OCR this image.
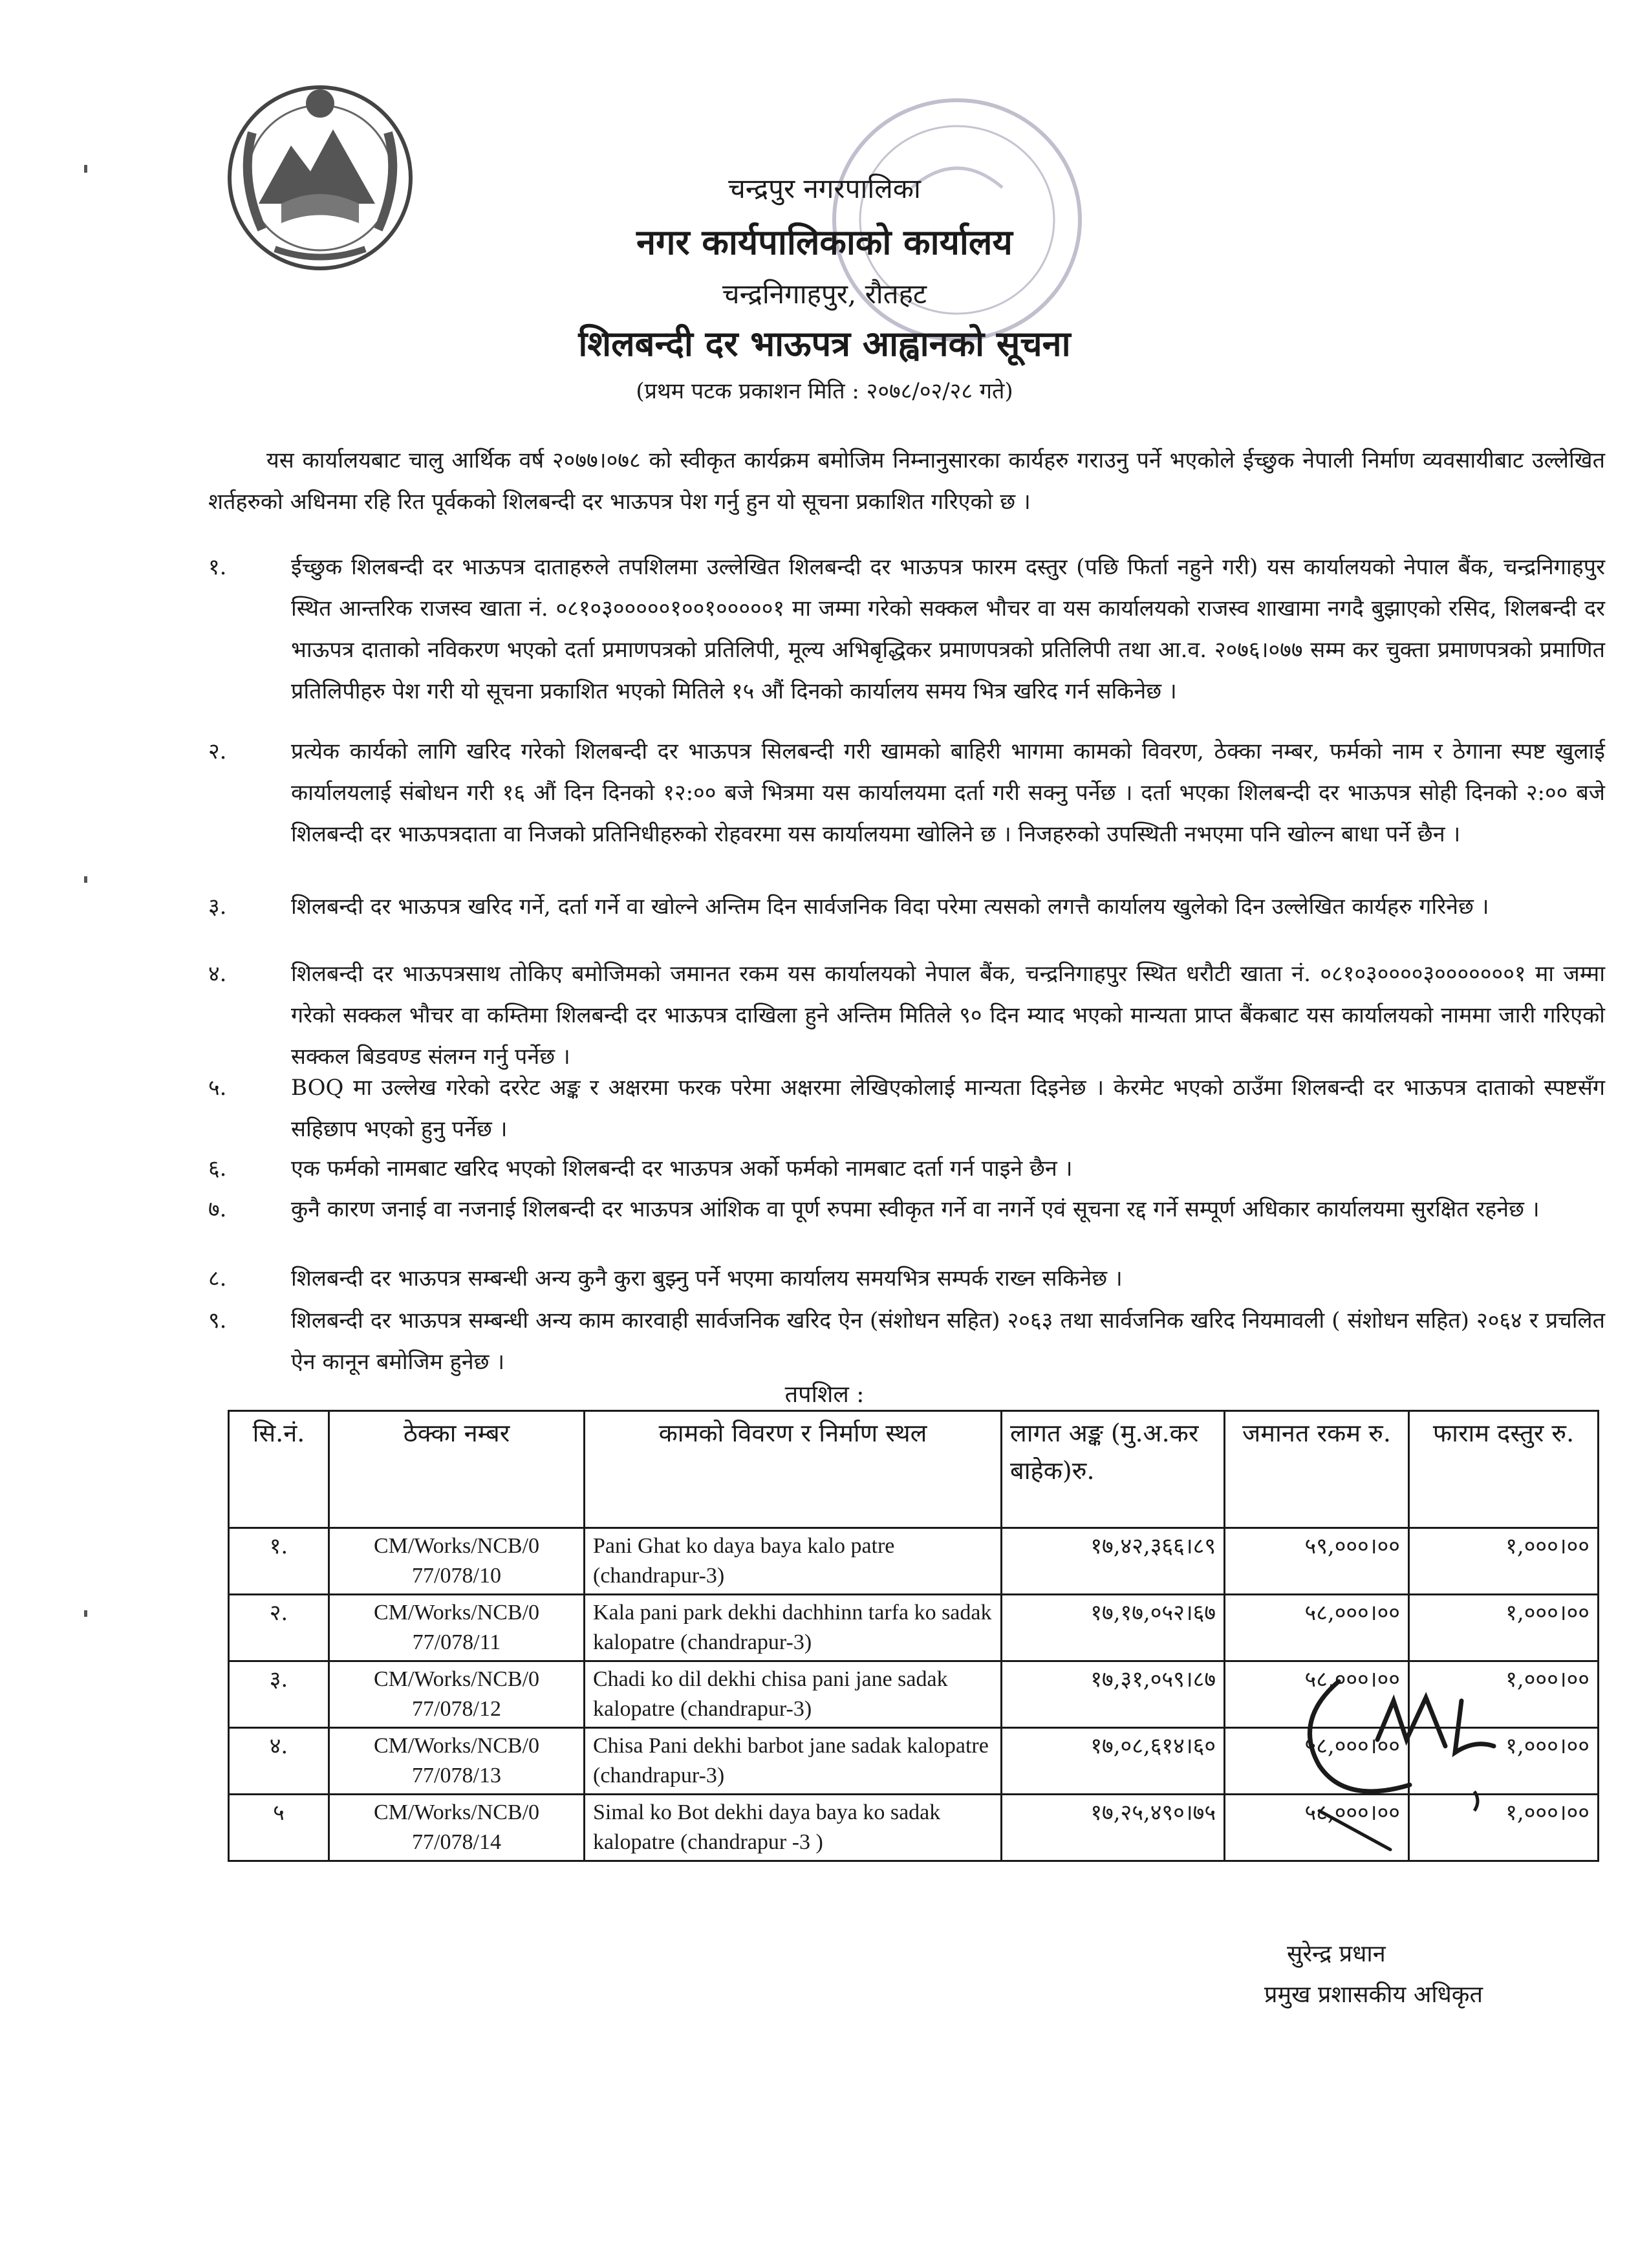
चन्द्रपुर नगरपालिका
नगर कार्यपालिकाको कार्यालय
चन्द्रनिगाहपुर, रौतहट
शिलबन्दी दर भाऊपत्र आह्वानको सूचना
(प्रथम पटक प्रकाशन मिति : २०७८/०२/२८ गते)
यस कार्यालयबाट चालु आर्थिक वर्ष २०७७।०७८ को स्वीकृत कार्यक्रम बमोजिम निम्नानुसारका कार्यहरु गराउनु पर्ने भएकोले ईच्छुक नेपाली निर्माण व्यवसायीबाट उल्लेखित शर्तहरुको अधिनमा रहि रित पूर्वकको शिलबन्दी दर भाऊपत्र पेश गर्नु हुन यो सूचना प्रकाशित गरिएको छ ।
१.	ईच्छुक शिलबन्दी दर भाऊपत्र दाताहरुले तपशिलमा उल्लेखित शिलबन्दी दर भाऊपत्र फारम दस्तुर (पछि फिर्ता नहुने गरी) यस कार्यालयको नेपाल बैंक, चन्द्रनिगाहपुर स्थित आन्तरिक राजस्व खाता नं. ०८१०३०००००१००१०००००१ मा जम्मा गरेको सक्कल भौचर वा यस कार्यालयको राजस्व शाखामा नगदै बुझाएको रसिद, शिलबन्दी दर भाऊपत्र दाताको नविकरण भएको दर्ता प्रमाणपत्रको प्रतिलिपी, मूल्य अभिबृद्धिकर प्रमाणपत्रको प्रतिलिपी तथा आ.व. २०७६।०७७ सम्म कर चुक्ता प्रमाणपत्रको प्रमाणित प्रतिलिपीहरु पेश गरी यो सूचना प्रकाशित भएको मितिले १५ औं दिनको कार्यालय समय भित्र खरिद गर्न सकिनेछ ।
२.	प्रत्येक कार्यको लागि खरिद गरेको शिलबन्दी दर भाऊपत्र सिलबन्दी गरी खामको बाहिरी भागमा कामको विवरण, ठेक्का नम्बर, फर्मको नाम र ठेगाना स्पष्ट खुलाई कार्यालयलाई संबोधन गरी १६ औं दिन दिनको १२:०० बजे भित्रमा यस कार्यालयमा दर्ता गरी सक्नु पर्नेछ । दर्ता भएका शिलबन्दी दर भाऊपत्र सोही दिनको २:०० बजे शिलबन्दी दर भाऊपत्रदाता वा निजको प्रतिनिधीहरुको रोहवरमा यस कार्यालयमा खोलिने छ । निजहरुको उपस्थिती नभएमा पनि खोल्न बाधा पर्ने छैन ।
३.	शिलबन्दी दर भाऊपत्र खरिद गर्ने, दर्ता गर्ने वा खोल्ने अन्तिम दिन सार्वजनिक विदा परेमा त्यसको लगत्तै कार्यालय खुलेको दिन उल्लेखित कार्यहरु गरिनेछ ।
४.	शिलबन्दी दर भाऊपत्रसाथ तोकिए बमोजिमको जमानत रकम यस कार्यालयको नेपाल बैंक, चन्द्रनिगाहपुर स्थित धरौटी खाता नं. ०८१०३००००३०००००००१ मा जम्मा गरेको सक्कल भौचर वा कम्तिमा शिलबन्दी दर भाऊपत्र दाखिला हुने अन्तिम मितिले ९० दिन म्याद भएको मान्यता प्राप्त बैंकबाट यस कार्यालयको नाममा जारी गरिएको सक्कल बिडवण्ड संलग्न गर्नु पर्नेछ ।
५.	BOQ मा उल्लेख गरेको दररेट अङ्क र अक्षरमा फरक परेमा अक्षरमा लेखिएकोलाई मान्यता दिइनेछ । केरमेट भएको ठाउँमा शिलबन्दी दर भाऊपत्र दाताको स्पष्टसँग सहिछाप भएको हुनु पर्नेछ ।
६.	एक फर्मको नामबाट खरिद भएको शिलबन्दी दर भाऊपत्र अर्को फर्मको नामबाट दर्ता गर्न पाइने छैन ।
७.	कुनै कारण जनाई वा नजनाई शिलबन्दी दर भाऊपत्र आंशिक वा पूर्ण रुपमा स्वीकृत गर्ने वा नगर्ने एवं सूचना रद्द गर्ने सम्पूर्ण अधिकार कार्यालयमा सुरक्षित रहनेछ ।
८.	शिलबन्दी दर भाऊपत्र सम्बन्धी अन्य कुनै कुरा बुझ्नु पर्ने भएमा कार्यालय समयभित्र सम्पर्क राख्न सकिनेछ ।
९.	शिलबन्दी दर भाऊपत्र सम्बन्धी अन्य काम कारवाही सार्वजनिक खरिद ऐन (संशोधन सहित) २०६३ तथा सार्वजनिक खरिद नियमावली ( संशोधन सहित) २०६४ र प्रचलित ऐन कानून बमोजिम हुनेछ ।
तपशिल :
सि.नं.	ठेक्का नम्बर	कामको विवरण र निर्माण स्थल	लागत अङ्क (मु.अ.कर बाहेक)रु.	जमानत रकम रु.	फाराम दस्तुर रु.
१.	CM/Works/NCB/0 77/078/10	Pani Ghat ko daya baya kalo patre (chandrapur-3)	१७,४२,३६६।८९	५९,०००।००	१,०००।००
२.	CM/Works/NCB/0 77/078/11	Kala pani park dekhi dachhinn tarfa ko sadak kalopatre (chandrapur-3)	१७,१७,०५२।६७	५८,०००।००	१,०००।००
३.	CM/Works/NCB/0 77/078/12	Chadi ko dil dekhi chisa pani jane sadak kalopatre (chandrapur-3)	१७,३१,०५९।८७	५८,०००।००	१,०००।००
४.	CM/Works/NCB/0 77/078/13	Chisa Pani dekhi barbot jane sadak kalopatre (chandrapur-3)	१७,०८,६१४।६०	५८,०००।००	१,०००।००
५	CM/Works/NCB/0 77/078/14	Simal ko Bot dekhi daya baya ko sadak kalopatre (chandrapur -3 )	१७,२५,४९०।७५	५८,०००।००	१,०००।००
सुरेन्द्र प्रधान
प्रमुख प्रशासकीय अधिकृत
